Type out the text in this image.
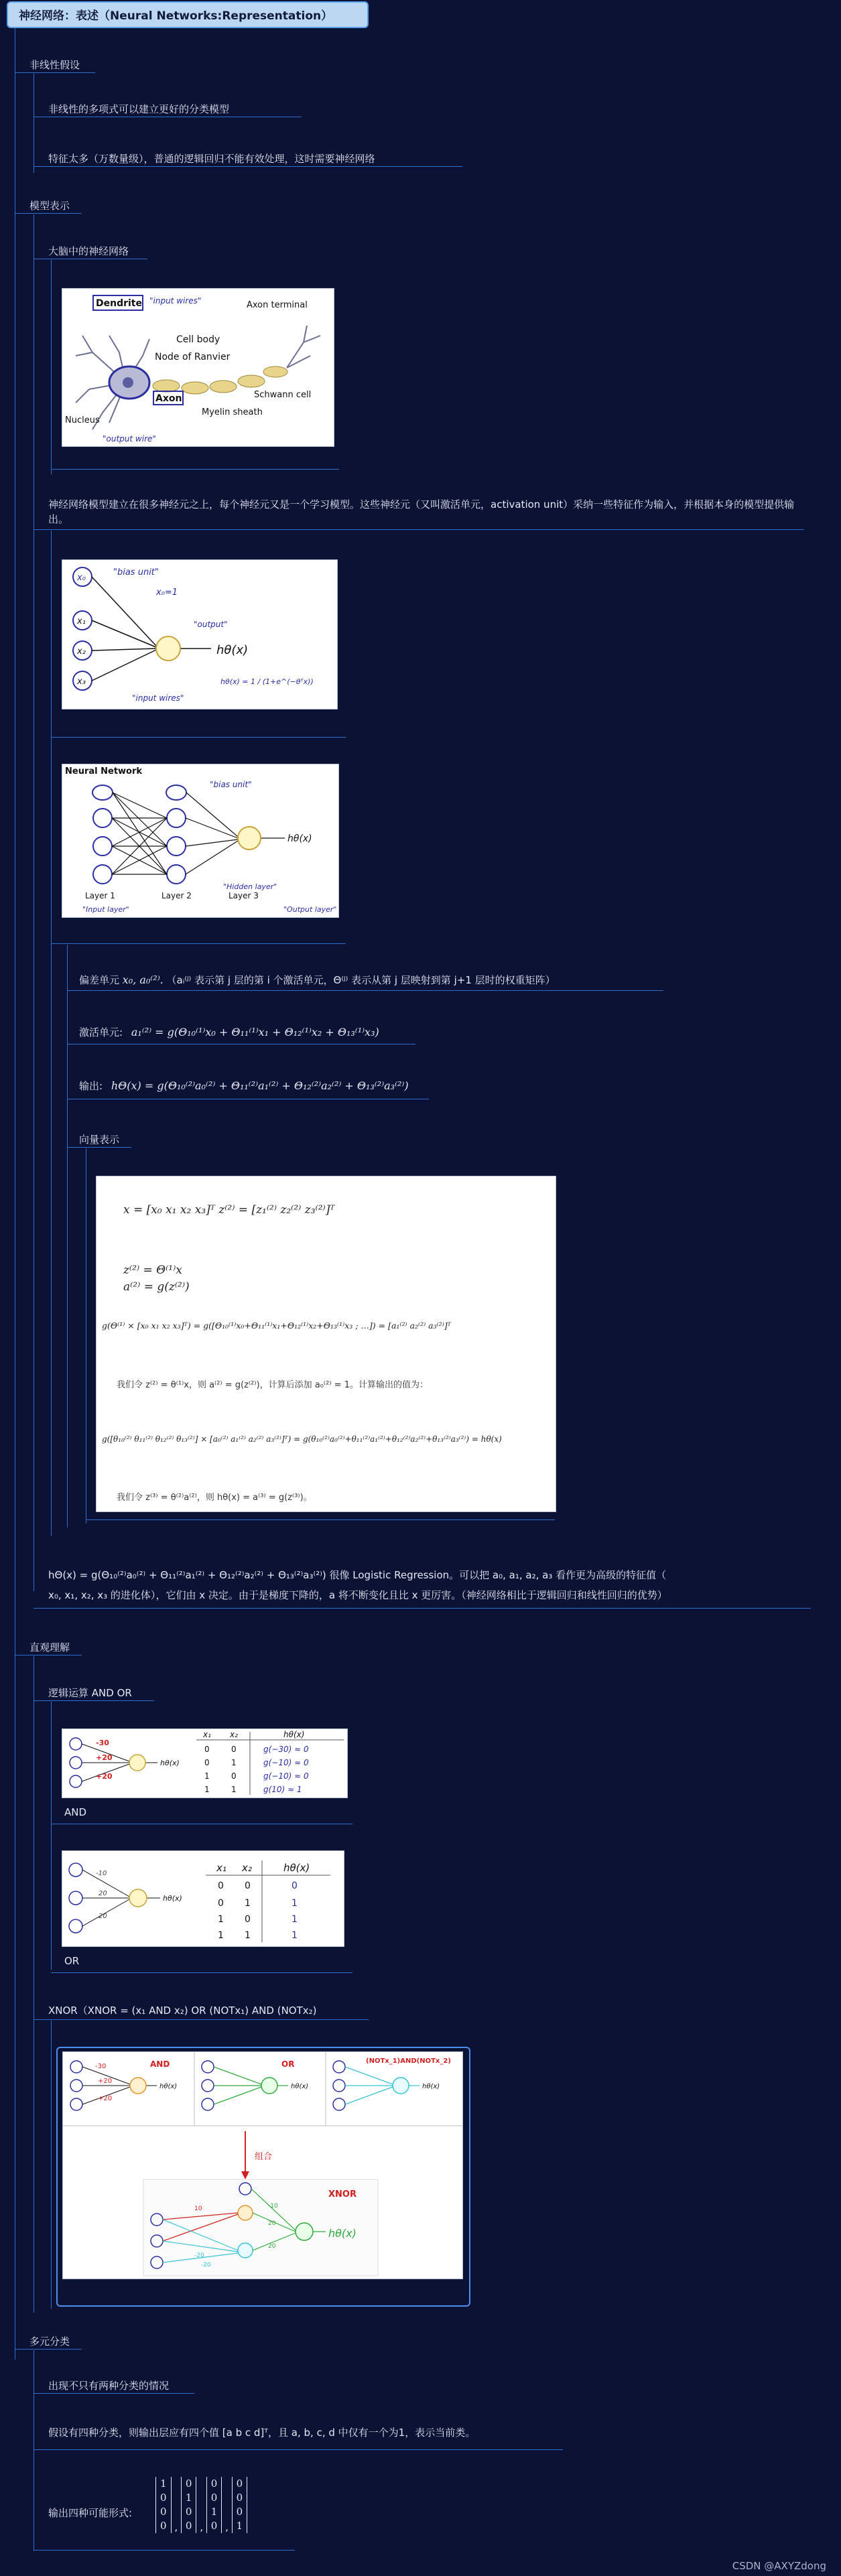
神经网络：表述（Neural Networks:Representation）
非线性假设
非线性的多项式可以建立更好的分类模型
特征太多（万数量级），普通的逻辑回归不能有效处理，这时需要神经网络
模型表示
大脑中的神经网络
Dendrite	Axon terminal
Cell body
Node of Ranvier
Axon	Schwann cell
Myelin sheath
Nucleus
"input wires"
"output wire"
神经网络模型建立在很多神经元之上，每个神经元又是一个学习模型。这些神经元（又叫激活单元，activation unit）采纳一些特征作为输入，并根据本身的模型提供输出。
x₀
x₁
x₂
x₃
"bias unit"
x₀=1
"output"
"input wires"
hθ(x)
hθ(x) = 1 / (1+e^(−θᵀx))
Neural Network
hθ(x)
"bias unit"
Layer 1	Layer 2	Layer 3
"Input layer"
"Hidden layer"
"Output layer"
偏差单元 x₀, a₀⁽²⁾. （aᵢ⁽ʲ⁾ 表示第 j 层的第 i 个激活单元，Θ⁽ʲ⁾ 表示从第 j 层映射到第 j+1 层时的权重矩阵）
激活单元: a₁⁽²⁾ = g(Θ₁₀⁽¹⁾x₀ + Θ₁₁⁽¹⁾x₁ + Θ₁₂⁽¹⁾x₂ + Θ₁₃⁽¹⁾x₃)
输出: hΘ(x) = g(Θ₁₀⁽²⁾a₀⁽²⁾ + Θ₁₁⁽²⁾a₁⁽²⁾ + Θ₁₂⁽²⁾a₂⁽²⁾ + Θ₁₃⁽²⁾a₃⁽²⁾)
向量表示
x = [x₀ x₁ x₂ x₃]ᵀ z⁽²⁾ = [z₁⁽²⁾ z₂⁽²⁾ z₃⁽²⁾]ᵀ
z⁽²⁾ = Θ⁽¹⁾x
a⁽²⁾ = g(z⁽²⁾)
g(Θ⁽¹⁾ × [x₀ x₁ x₂ x₃]ᵀ) = g([Θ₁₀⁽¹⁾x₀+Θ₁₁⁽¹⁾x₁+Θ₁₂⁽¹⁾x₂+Θ₁₃⁽¹⁾x₃ ; …]) = [a₁⁽²⁾ a₂⁽²⁾ a₃⁽²⁾]ᵀ
我们令 z⁽²⁾ = θ⁽¹⁾x，则 a⁽²⁾ = g(z⁽²⁾)，计算后添加 a₀⁽²⁾ = 1。计算输出的值为：
g([θ₁₀⁽²⁾ θ₁₁⁽²⁾ θ₁₂⁽²⁾ θ₁₃⁽²⁾] × [a₀⁽²⁾ a₁⁽²⁾ a₂⁽²⁾ a₃⁽²⁾]ᵀ) = g(θ₁₀⁽²⁾a₀⁽²⁾+θ₁₁⁽²⁾a₁⁽²⁾+θ₁₂⁽²⁾a₂⁽²⁾+θ₁₃⁽²⁾a₃⁽²⁾) = hθ(x)
我们令 z⁽³⁾ = θ⁽²⁾a⁽²⁾，则 hθ(x) = a⁽³⁾ = g(z⁽³⁾)。
hΘ(x) = g(Θ₁₀⁽²⁾a₀⁽²⁾ + Θ₁₁⁽²⁾a₁⁽²⁾ + Θ₁₂⁽²⁾a₂⁽²⁾ + Θ₁₃⁽²⁾a₃⁽²⁾) 很像 Logistic Regression。可以把 a₀, a₁, a₂, a₃ 看作更为高级的特征值（
x₀, x₁, x₂, x₃ 的进化体），它们由 x 决定。由于是梯度下降的，a 将不断变化且比 x 更厉害。（神经网络相比于逻辑回归和线性回归的优势）
直观理解
逻辑运算 AND OR
hθ(x)
-30
+20
+20
x₁ x₂	hθ(x)
0	0	g(−30) ≈ 0
0	1	g(−10) ≈ 0
1	0	g(−10) ≈ 0
1	1	g(10) ≈ 1
AND
hθ(x)
-10
20
20
x₁ x₂	hθ(x)
0 0	0
0 1	1
1 0	1
1 1	1
OR
XNOR（XNOR = (x₁ AND x₂) OR (NOTx₁) AND (NOTx₂)
hθ(x)
AND
-30
+20
+20
hθ(x)
OR
hθ(x)
(NOTx_1)AND(NOTx_2)
组合
hθ(x)
XNOR
10
-20
-20
-10
20
20
多元分类
出现不只有两种分类的情况
假设有四种分类，则输出层应有四个值 [a b c d]ᵀ，且 a, b, c, d 中仅有一个为1，表示当前类。
输出四种可能形式:
1
0
0
0 , 0
1
0
0 , 0
0
1
0 , 0
0
0
1
CSDN @AXYZdong
